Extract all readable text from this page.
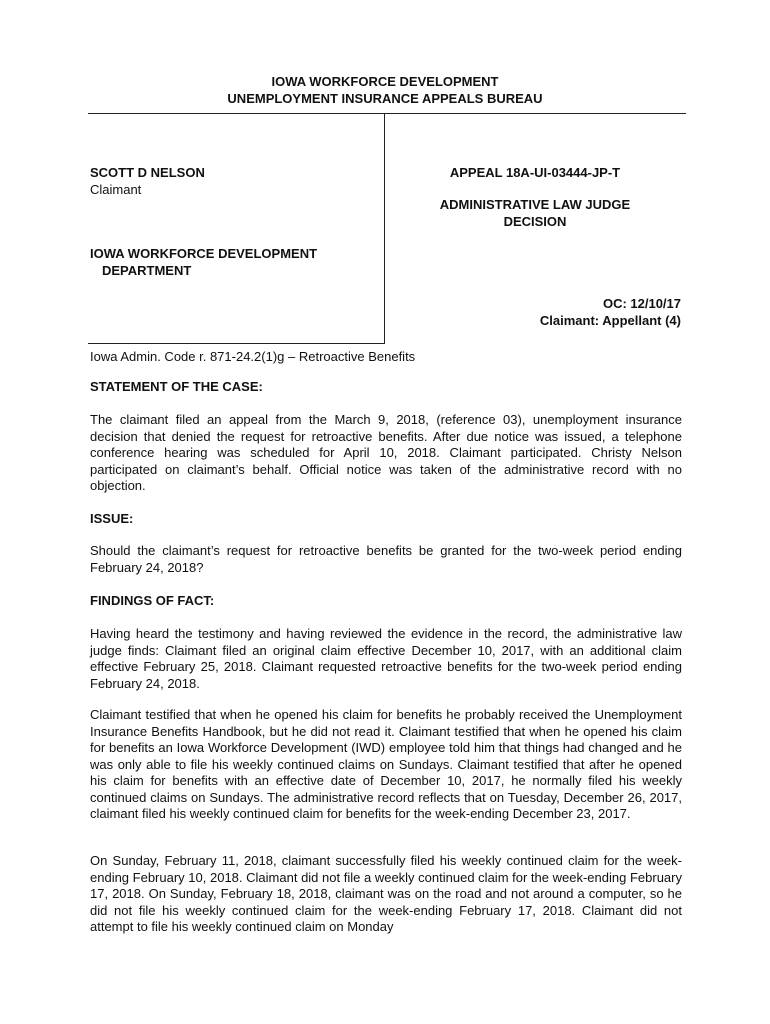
IOWA WORKFORCE DEVELOPMENT
UNEMPLOYMENT INSURANCE APPEALS BUREAU
SCOTT D NELSON
Claimant
IOWA WORKFORCE DEVELOPMENT
DEPARTMENT
APPEAL 18A-UI-03444-JP-T
ADMINISTRATIVE LAW JUDGE
DECISION
OC: 12/10/17
Claimant: Appellant (4)
Iowa Admin. Code r. 871-24.2(1)g – Retroactive Benefits
STATEMENT OF THE CASE:
The claimant filed an appeal from the March 9, 2018, (reference 03), unemployment insurance decision that denied the request for retroactive benefits. After due notice was issued, a telephone conference hearing was scheduled for April 10, 2018. Claimant participated. Christy Nelson participated on claimant’s behalf. Official notice was taken of the administrative record with no objection.
ISSUE:
Should the claimant’s request for retroactive benefits be granted for the two-week period ending February 24, 2018?
FINDINGS OF FACT:
Having heard the testimony and having reviewed the evidence in the record, the administrative law judge finds: Claimant filed an original claim effective December 10, 2017, with an additional claim effective February 25, 2018. Claimant requested retroactive benefits for the two-week period ending February 24, 2018.
Claimant testified that when he opened his claim for benefits he probably received the Unemployment Insurance Benefits Handbook, but he did not read it. Claimant testified that when he opened his claim for benefits an Iowa Workforce Development (IWD) employee told him that things had changed and he was only able to file his weekly continued claims on Sundays. Claimant testified that after he opened his claim for benefits with an effective date of December 10, 2017, he normally filed his weekly continued claims on Sundays. The administrative record reflects that on Tuesday, December 26, 2017, claimant filed his weekly continued claim for benefits for the week-ending December 23, 2017.
On Sunday, February 11, 2018, claimant successfully filed his weekly continued claim for the week-ending February 10, 2018. Claimant did not file a weekly continued claim for the week-ending February 17, 2018. On Sunday, February 18, 2018, claimant was on the road and not around a computer, so he did not file his weekly continued claim for the week-ending February 17, 2018. Claimant did not attempt to file his weekly continued claim on Monday
